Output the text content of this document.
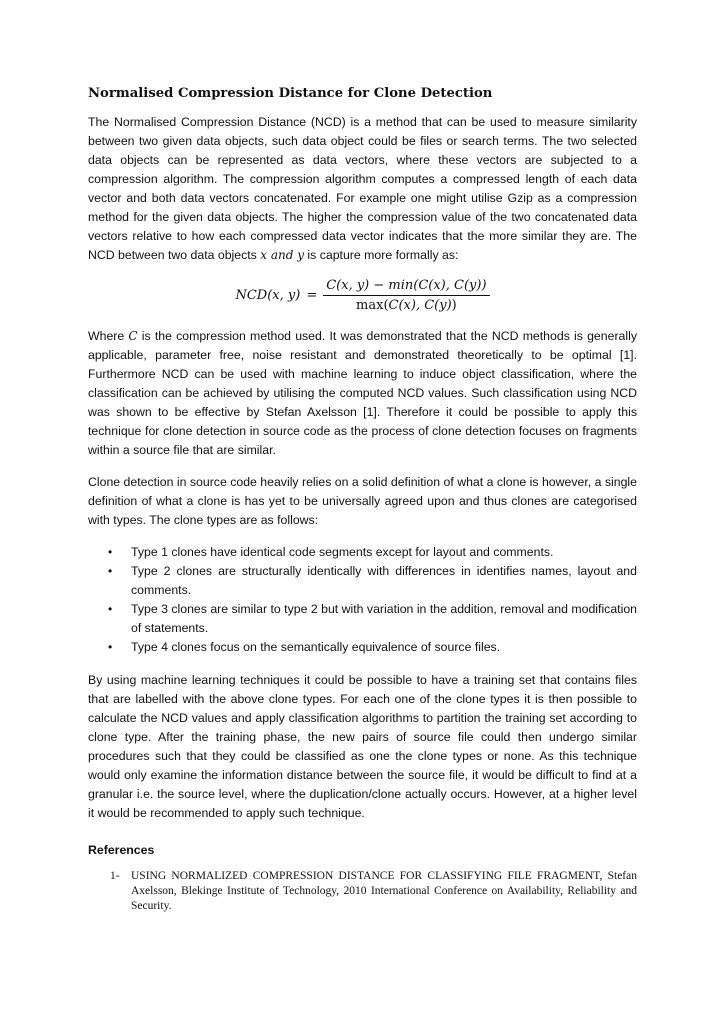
Normalised Compression Distance for Clone Detection

The Normalised Compression Distance (NCD) is a method that can be used to measure similarity between two given data objects, such data object could be files or search terms. The two selected data objects can be represented as data vectors, where these vectors are subjected to a compression algorithm. The compression algorithm computes a compressed length of each data vector and both data vectors concatenated. For example one might utilise Gzip as a compression method for the given data objects. The higher the compression value of the two concatenated data vectors relative to how each compressed data vector indicates that the more similar they are. The NCD between two data objects x and y is capture more formally as:

NCD(x, $y) = \frac{C(x, y) - \min(C(x), C(y))}{\max(C(x), C(y))}$

Where C is the compression method used. It was demonstrated that the NCD methods is generally applicable, parameter free, noise resistant and demonstrated theoretically to be optimal [1]. Furthermore NCD can be used with machine learning to induce object classification, where the classification can be achieved by utilising the computed NCD values. Such classification using NCD was shown to be effective by Stefan Axelsson [1]. Therefore it could be possible to apply this technique for clone detection in source code as the process of clone detection focuses on fragments within a source file that are similar.

Clone detection in source code heavily relies on a solid definition of what a clone is however, a single definition of what a clone is has yet to be universally agreed upon and thus clones are categorised with types. The clone types are as follows:

• Type 1 clones have identical code segments except for layout and comments.
• Type 2 clones are structurally identically with differences in identifies names, layout and comments.
• Type 3 clones are similar to type 2 but with variation in the addition, removal and modification of statements.
• Type 4 clones focus on the semantically equivalence of source files.

By using machine learning techniques it could be possible to have a training set that contains files that are labelled with the above clone types. For each one of the clone types it is then possible to calculate the NCD values and apply classification algorithms to partition the training set according to clone type. After the training phase, the new pairs of source file could then undergo similar procedures such that they could be classified as one the clone types or none. As this technique would only examine the information distance between the source file, it would be difficult to find at a granular i.e. the source level, where the duplication/clone actually occurs. However, at a higher level it would be recommended to apply such technique.

References
1- USING NORMALIZED COMPRESSION DISTANCE FOR CLASSIFYING FILE FRAGMENT, Stefan Axelsson, Blekinge Institute of Technology, 2010 International Conference on Availability, Reliability and Security.
